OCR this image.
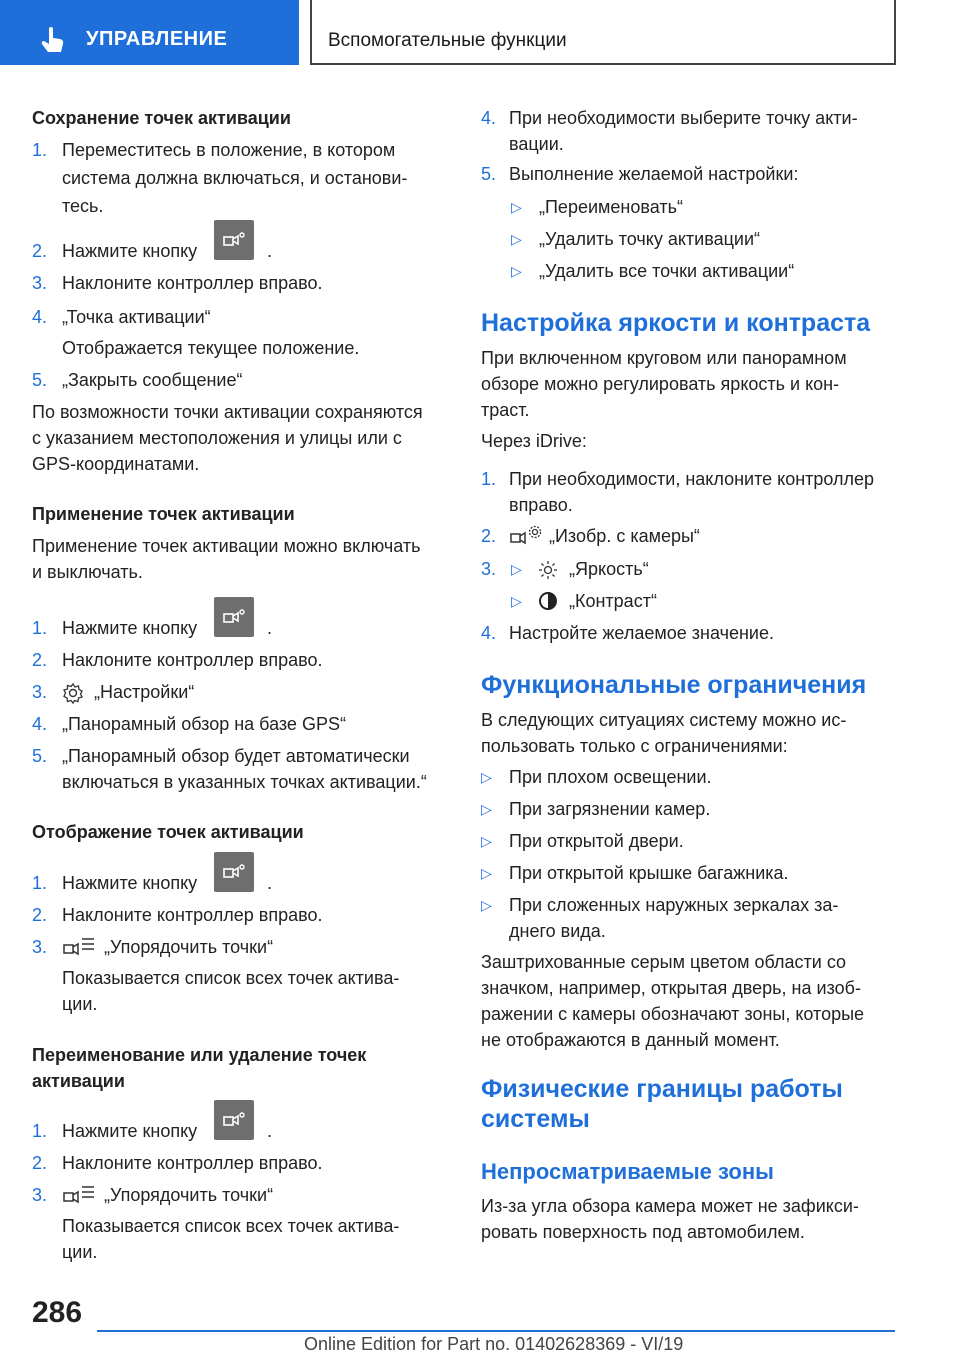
УПРАВЛЕНИЕ	Вспомогательные функции
Сохранение точек активации
1. Переместитесь в положение, в котором
система должна включаться, и останови-
тесь.
2. Нажмите кнопку	.
3. Наклоните контроллер вправо.
4. „Точка активации“
Отображается текущее положение.
5. „Закрыть сообщение“
По возможности точки активации сохраняются
с указанием местоположения и улицы или с
GPS-координатами.
Применение точек активации
Применение точек активации можно включать
и выключать.
1. Нажмите кнопку	.
2. Наклоните контроллер вправо.
3.	„Настройки“
4. „Панорамный обзор на базе GPS“
5. „Панорамный обзор будет автоматически
включаться в указанных точках активации.“
Отображение точек активации
1. Нажмите кнопку	.
2. Наклоните контроллер вправо.
3.	„Упорядочить точки“
Показывается список всех точек актива-
ции.
Переименование или удаление точек
активации
1. Нажмите кнопку	.
2. Наклоните контроллер вправо.
3.	„Упорядочить точки“
Показывается список всех точек актива-
ции.
4. При необходимости выберите точку акти-
вации.
5. Выполнение желаемой настройки:
▷ „Переименовать“
▷ „Удалить точку активации“
▷ „Удалить все точки активации“
Настройка яркости и контраста
При включенном круговом или панорамном
обзоре можно регулировать яркость и кон-
траст.
Через iDrive:
1. При необходимости, наклоните контроллер
вправо.
2.	„Изобр. с камеры“
3. ▷	„Яркость“
▷	„Контраст“
4. Настройте желаемое значение.
Функциональные ограничения
В следующих ситуациях систему можно ис-
пользовать только с ограничениями:
▷ При плохом освещении.
▷ При загрязнении камер.
▷ При открытой двери.
▷ При открытой крышке багажника.
▷ При сложенных наружных зеркалах за-
днего вида.
Заштрихованные серым цветом области со
значком, например, открытая дверь, на изоб-
ражении с камеры обозначают зоны, которые
не отображаются в данный момент.
Физические границы работы
системы
Непросматриваемые зоны
Из-за угла обзора камера может не зафикси-
ровать поверхность под автомобилем.
286
Online Edition for Part no. 01402628369 - VI/19
